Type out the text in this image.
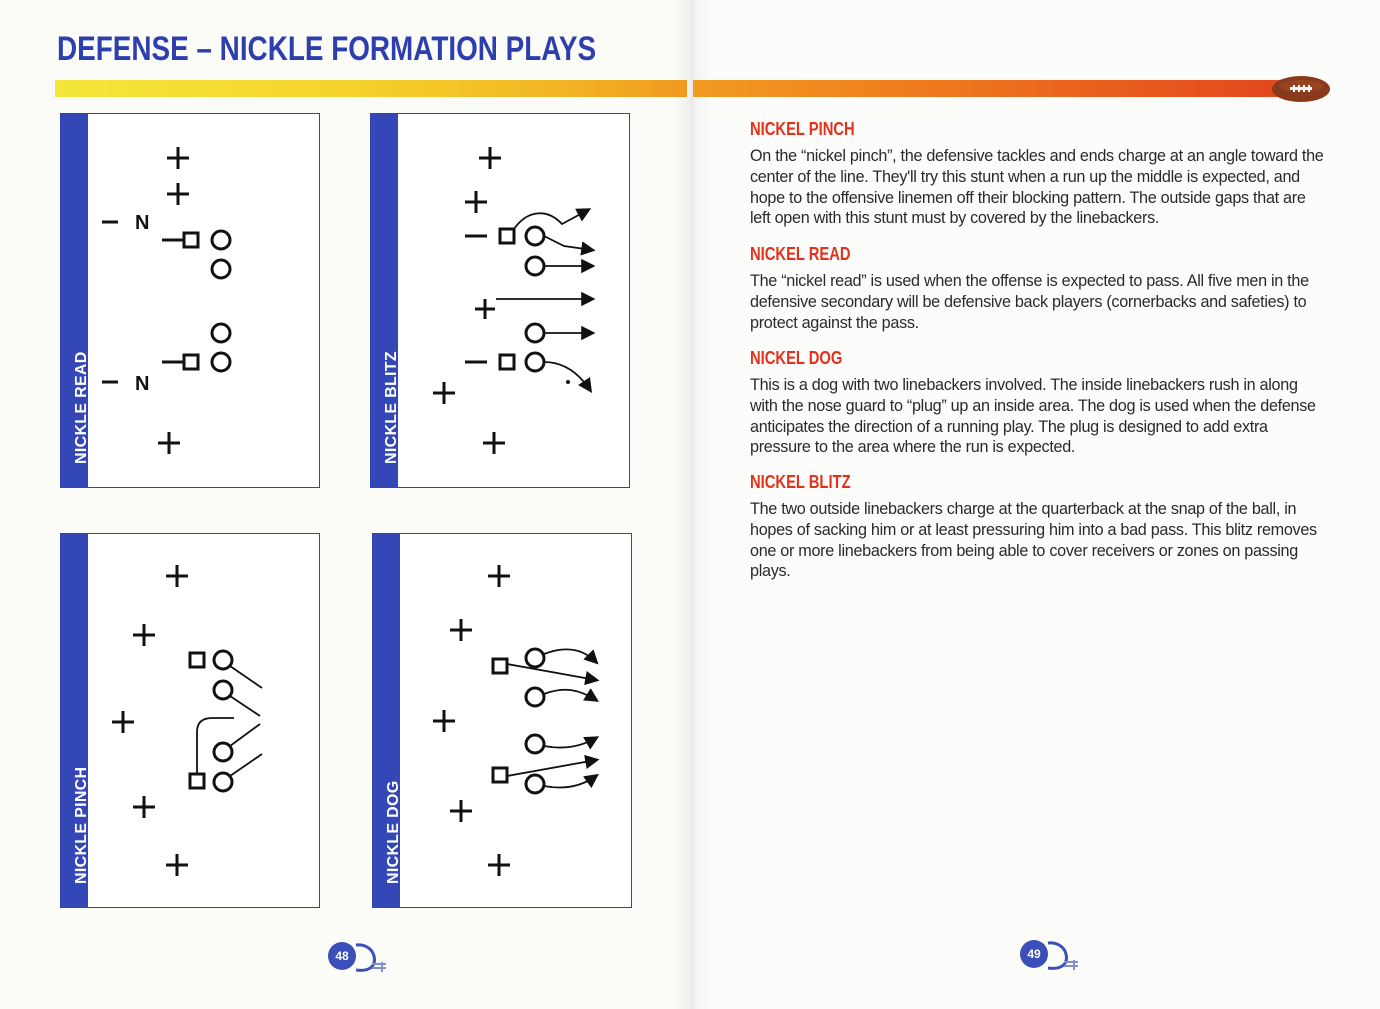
DEFENSE – NICKLE FORMATION PLAYS
NICKLE READ
N
N	NICKLE BLITZ
NICKLE PINCH	NICKLE DOG
NICKEL PINCH

On the “nickel pinch”, the defensive tackles and ends charge at an angle toward the center of the line. They'll try this stunt when a run up the middle is expected, and hope to the offensive linemen off their blocking pattern. The outside gaps that are left open with this stunt must by covered by the linebackers.

NICKEL READ

The “nickel read” is used when the offense is expected to pass. All five men in the defensive secondary will be defensive back players (cornerbacks and safeties) to protect against the pass.

NICKEL DOG

This is a dog with two linebackers involved. The inside linebackers rush in along with the nose guard to “plug” up an inside area. The dog is used when the defense anticipates the direction of a running play. The plug is designed to add extra pressure to the area where the run is expected.

NICKEL BLITZ

The two outside linebackers charge at the quarterback at the snap of the ball, in hopes of sacking him or at least pressuring him into a bad pass. This blitz removes one or more linebackers from being able to cover receivers or zones on passing plays.

48	49
